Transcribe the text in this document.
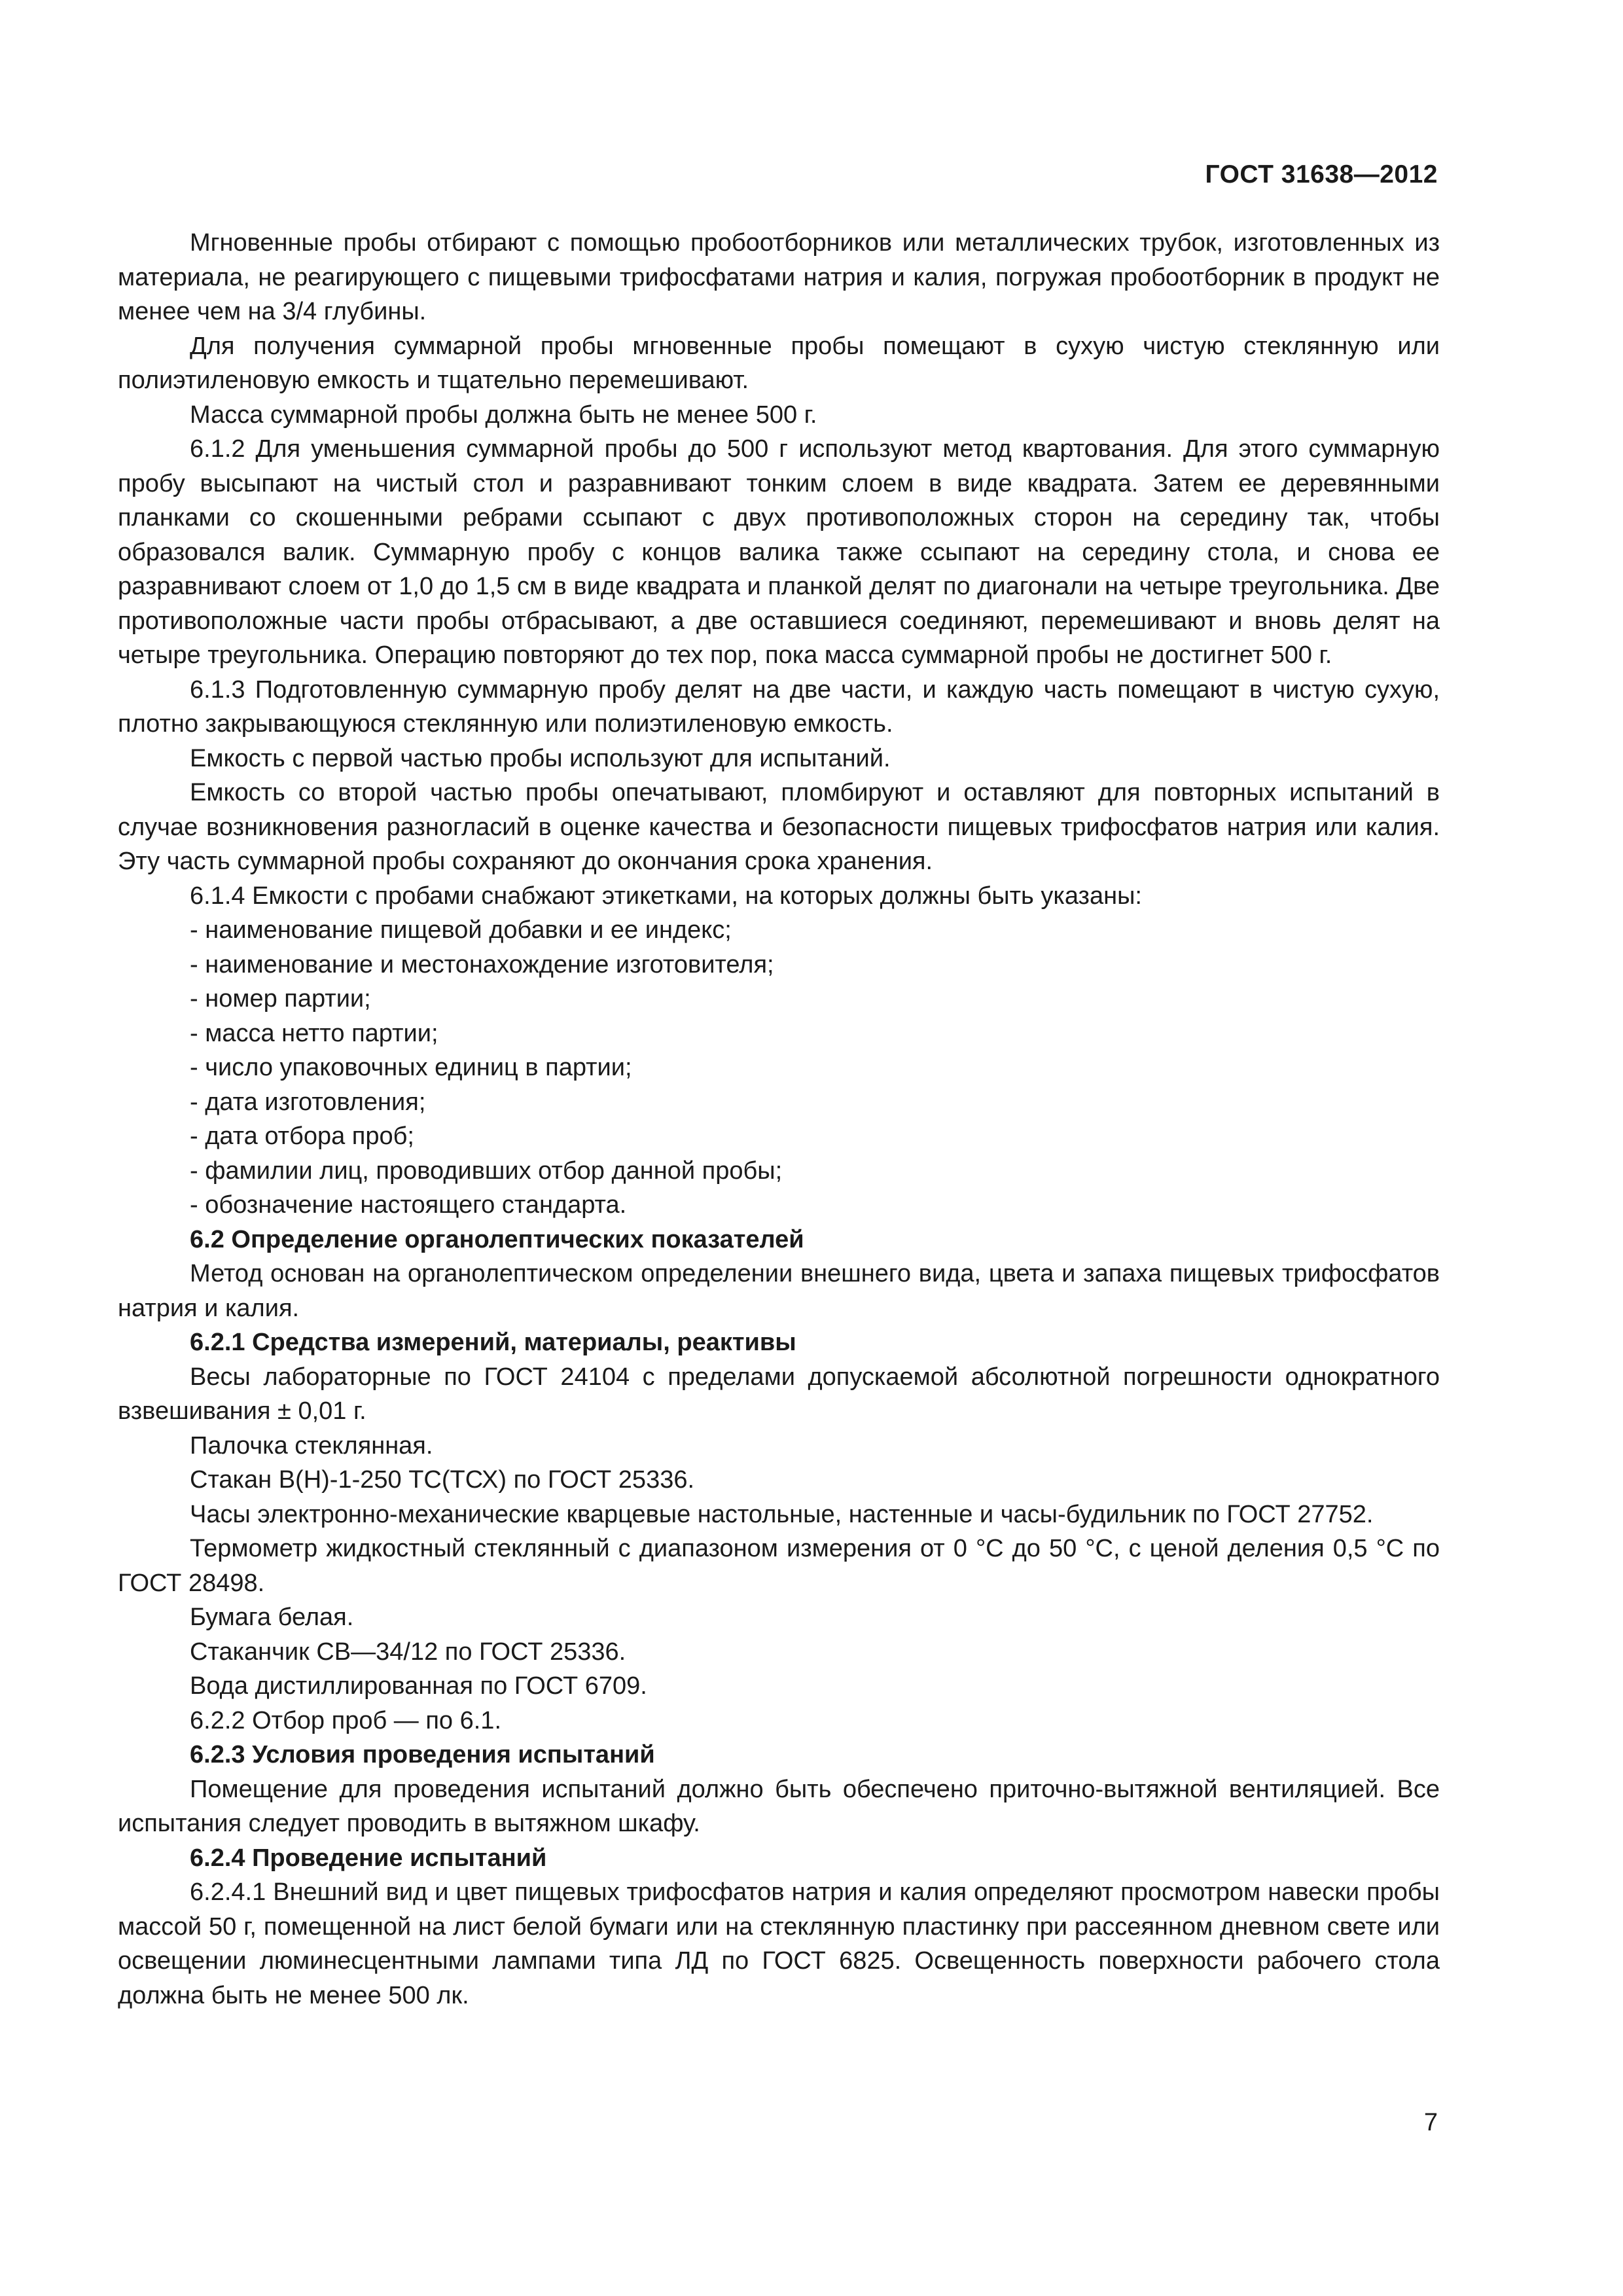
ГОСТ 31638—2012

Мгновенные пробы отбирают с помощью пробоотборников или металлических трубок, изготовленных из материала, не реагирующего с пищевыми трифосфатами натрия и калия, погружая пробоотборник в продукт не менее чем на 3/4 глубины.

Для получения суммарной пробы мгновенные пробы помещают в сухую чистую стеклянную или полиэтиленовую емкость и тщательно перемешивают.

Масса суммарной пробы должна быть не менее 500 г.

6.1.2 Для уменьшения суммарной пробы до 500 г используют метод квартования. Для этого суммарную пробу высыпают на чистый стол и разравнивают тонким слоем в виде квадрата. Затем ее деревянными планками со скошенными ребрами ссыпают с двух противоположных сторон на середину так, чтобы образовался валик. Суммарную пробу с концов валика также ссыпают на середину стола, и снова ее разравнивают слоем от 1,0 до 1,5 см в виде квадрата и планкой делят по диагонали на четыре треугольника. Две противоположные части пробы отбрасывают, а две оставшиеся соединяют, перемешивают и вновь делят на четыре треугольника. Операцию повторяют до тех пор, пока масса суммарной пробы не достигнет 500 г.

6.1.3 Подготовленную суммарную пробу делят на две части, и каждую часть помещают в чистую сухую, плотно закрывающуюся стеклянную или полиэтиленовую емкость.

Емкость с первой частью пробы используют для испытаний.

Емкость со второй частью пробы опечатывают, пломбируют и оставляют для повторных испытаний в случае возникновения разногласий в оценке качества и безопасности пищевых трифосфатов натрия или калия. Эту часть суммарной пробы сохраняют до окончания срока хранения.

6.1.4 Емкости с пробами снабжают этикетками, на которых должны быть указаны:

- наименование пищевой добавки и ее индекс;

- наименование и местонахождение изготовителя;

- номер партии;

- масса нетто партии;

- число упаковочных единиц в партии;

- дата изготовления;

- дата отбора проб;

- фамилии лиц, проводивших отбор данной пробы;

- обозначение настоящего стандарта.

6.2 Определение органолептических показателей

Метод основан на органолептическом определении внешнего вида, цвета и запаха пищевых трифосфатов натрия и калия.

6.2.1 Средства измерений, материалы, реактивы

Весы лабораторные по ГОСТ 24104 с пределами допускаемой абсолютной погрешности однократного взвешивания ± 0,01 г.

Палочка стеклянная.

Стакан В(Н)-1-250 ТС(ТСХ) по ГОСТ 25336.

Часы электронно-механические кварцевые настольные, настенные и часы-будильник по ГОСТ 27752.

Термометр жидкостный стеклянный с диапазоном измерения от 0 °С до 50 °С, с ценой деления 0,5 °С по ГОСТ 28498.

Бумага белая.

Стаканчик СВ—34/12 по ГОСТ 25336.

Вода дистиллированная по ГОСТ 6709.

6.2.2 Отбор проб — по 6.1.

6.2.3 Условия проведения испытаний

Помещение для проведения испытаний должно быть обеспечено приточно-вытяжной вентиляцией. Все испытания следует проводить в вытяжном шкафу.

6.2.4 Проведение испытаний

6.2.4.1 Внешний вид и цвет пищевых трифосфатов натрия и калия определяют просмотром навески пробы массой 50 г, помещенной на лист белой бумаги или на стеклянную пластинку при рассеянном дневном свете или освещении люминесцентными лампами типа ЛД по ГОСТ 6825. Освещенность поверхности рабочего стола должна быть не менее 500 лк.

7
